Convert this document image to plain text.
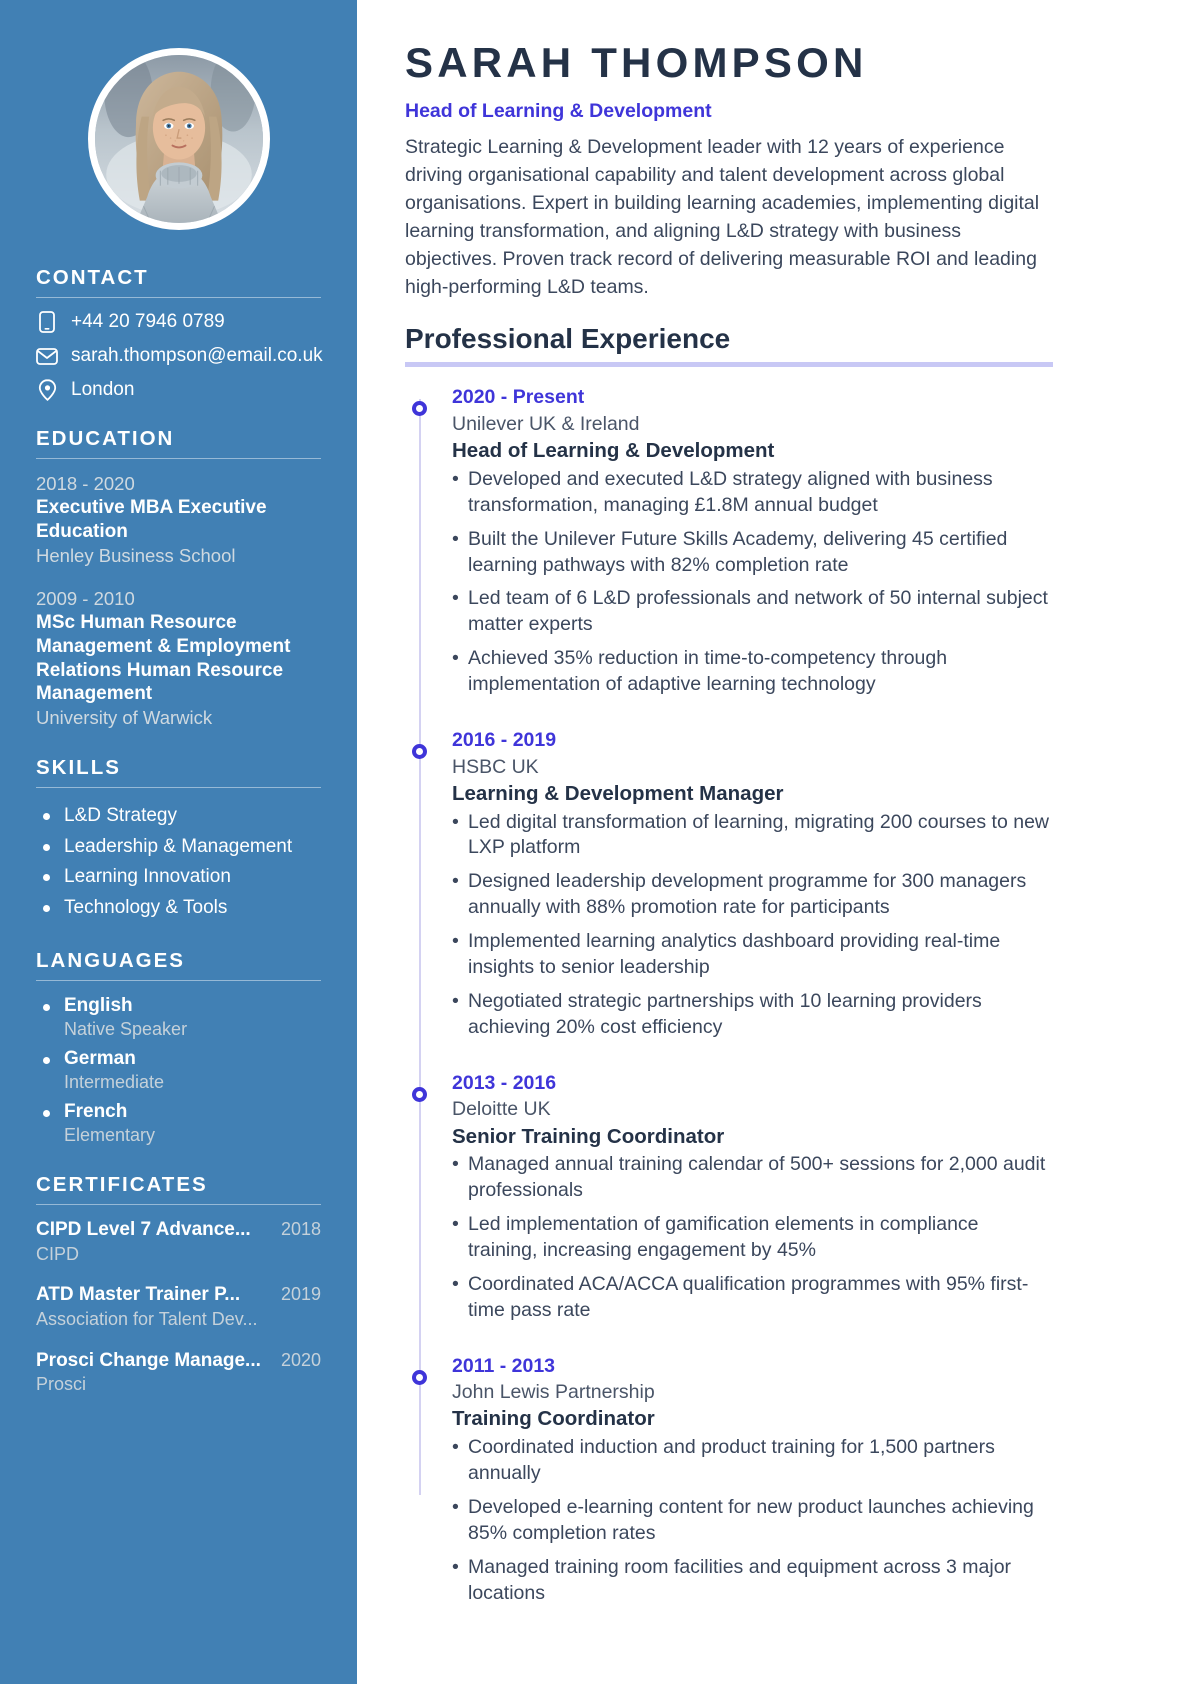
CONTACT
+44 20 7946 0789
sarah.thompson@email.co.uk
London
EDUCATION
2018 - 2020
Executive MBA Executive Education
Henley Business School
2009 - 2010
MSc Human Resource Management & Employment Relations Human Resource Management
University of Warwick
SKILLS
L&D Strategy
Leadership & Management
Learning Innovation
Technology & Tools
LANGUAGES
English
Native Speaker
German
Intermediate
French
Elementary
CERTIFICATES
CIPD Level 7 Advance... 2018
CIPD
ATD Master Trainer P... 2019
Association for Talent Dev...
Prosci Change Manage... 2020
Prosci
SARAH THOMPSON
Head of Learning & Development

Strategic Learning & Development leader with 12 years of experience driving organisational capability and talent development across global organisations. Expert in building learning academies, implementing digital learning transformation, and aligning L&D strategy with business objectives. Proven track record of delivering measurable ROI and leading high-performing L&D teams.

Professional Experience
2020 - Present
Unilever UK & Ireland
Head of Learning & Development
• Developed and executed L&D strategy aligned with business transformation, managing £1.8M annual budget
• Built the Unilever Future Skills Academy, delivering 45 certified learning pathways with 82% completion rate
• Led team of 6 L&D professionals and network of 50 internal subject matter experts
• Achieved 35% reduction in time-to-competency through implementation of adaptive learning technology
2016 - 2019
HSBC UK
Learning & Development Manager
• Led digital transformation of learning, migrating 200 courses to new LXP platform
• Designed leadership development programme for 300 managers annually with 88% promotion rate for participants
• Implemented learning analytics dashboard providing real-time insights to senior leadership
• Negotiated strategic partnerships with 10 learning providers achieving 20% cost efficiency
2013 - 2016
Deloitte UK
Senior Training Coordinator
• Managed annual training calendar of 500+ sessions for 2,000 audit professionals
• Led implementation of gamification elements in compliance training, increasing engagement by 45%
• Coordinated ACA/ACCA qualification programmes with 95% first-time pass rate
2011 - 2013
John Lewis Partnership
Training Coordinator
• Coordinated induction and product training for 1,500 partners annually
• Developed e-learning content for new product launches achieving 85% completion rates
• Managed training room facilities and equipment across 3 major locations
